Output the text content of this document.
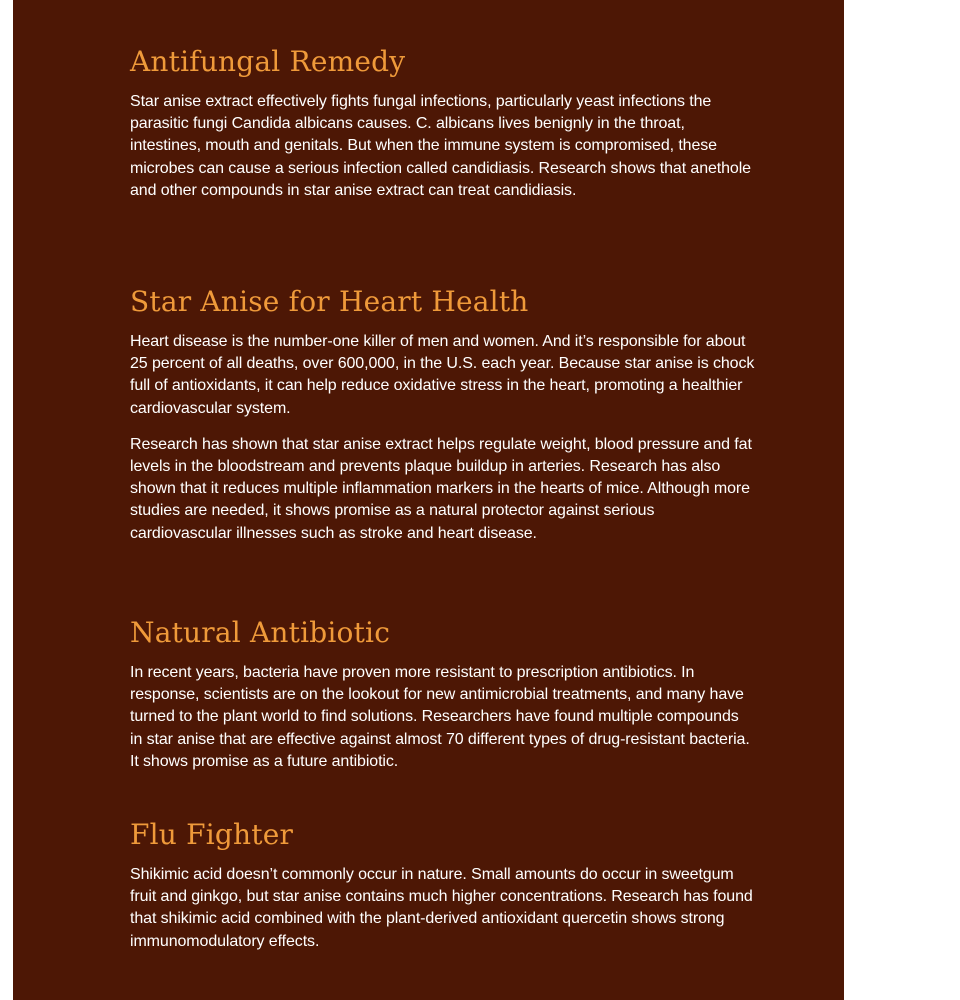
Antifungal Remedy

Star anise extract effectively fights fungal infections, particularly yeast infections the parasitic fungi Candida albicans causes. C. albicans lives benignly in the throat, intestines, mouth and genitals. But when the immune system is compromised, these microbes can cause a serious infection called candidiasis. Research shows that anethole and other compounds in star anise extract can treat candidiasis.

Star Anise for Heart Health

Heart disease is the number-one killer of men and women. And it’s responsible for about 25 percent of all deaths, over 600,000, in the U.S. each year. Because star anise is chock full of antioxidants, it can help reduce oxidative stress in the heart, promoting a healthier cardiovascular system.

Research has shown that star anise extract helps regulate weight, blood pressure and fat levels in the bloodstream and prevents plaque buildup in arteries. Research has also shown that it reduces multiple inflammation markers in the hearts of mice. Although more studies are needed, it shows promise as a natural protector against serious cardiovascular illnesses such as stroke and heart disease.

Natural Antibiotic

In recent years, bacteria have proven more resistant to prescription antibiotics. In response, scientists are on the lookout for new antimicrobial treatments, and many have turned to the plant world to find solutions. Researchers have found multiple compounds in star anise that are effective against almost 70 different types of drug-resistant bacteria. It shows promise as a future antibiotic.

Flu Fighter

Shikimic acid doesn’t commonly occur in nature. Small amounts do occur in sweetgum fruit and ginkgo, but star anise contains much higher concentrations. Research has found that shikimic acid combined with the plant-derived antioxidant quercetin shows strong immunomodulatory effects.
